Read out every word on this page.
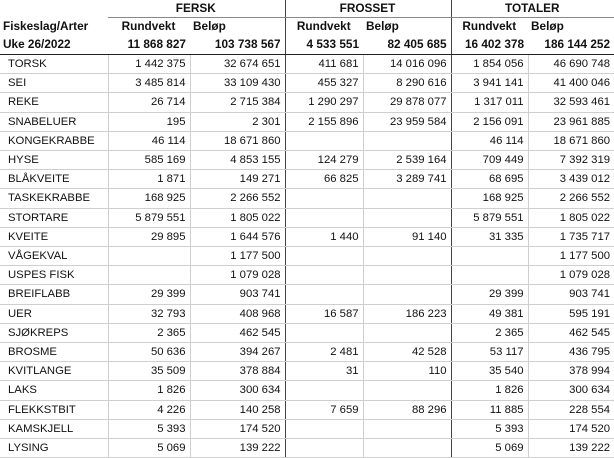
	FERSK		FROSSET		TOTALER	
Fiskeslag/Arter	Rundvekt	Beløp	Rundvekt	Beløp	Rundvekt	Beløp
Uke 26/2022	11 868 827	103 738 567	4 533 551	82 405 685	16 402 378	186 144 252
TORSK	1 442 375	32 674 651	411 681	14 016 096	1 854 056	46 690 748
SEI	3 485 814	33 109 430	455 327	8 290 616	3 941 141	41 400 046
REKE	26 714	2 715 384	1 290 297	29 878 077	1 317 011	32 593 461
SNABELUER	195	2 301	2 155 896	23 959 584	2 156 091	23 961 885
KONGEKRABBE	46 114	18 671 860			46 114	18 671 860
HYSE	585 169	4 853 155	124 279	2 539 164	709 449	7 392 319
BLÅKVEITE	1 871	149 271	66 825	3 289 741	68 695	3 439 012
TASKEKRABBE	168 925	2 266 552			168 925	2 266 552
STORTARE	5 879 551	1 805 022			5 879 551	1 805 022
KVEITE	29 895	1 644 576	1 440	91 140	31 335	1 735 717
VÅGEKVAL		1 177 500				1 177 500
USPES FISK		1 079 028				1 079 028
BREIFLABB	29 399	903 741			29 399	903 741
UER	32 793	408 968	16 587	186 223	49 381	595 191
SJØKREPS	2 365	462 545			2 365	462 545
BROSME	50 636	394 267	2 481	42 528	53 117	436 795
KVITLANGE	35 509	378 884	31	110	35 540	378 994
LAKS	1 826	300 634			1 826	300 634
FLEKKSTBIT	4 226	140 258	7 659	88 296	11 885	228 554
KAMSKJELL	5 393	174 520			5 393	174 520
LYSING	5 069	139 222			5 069	139 222
